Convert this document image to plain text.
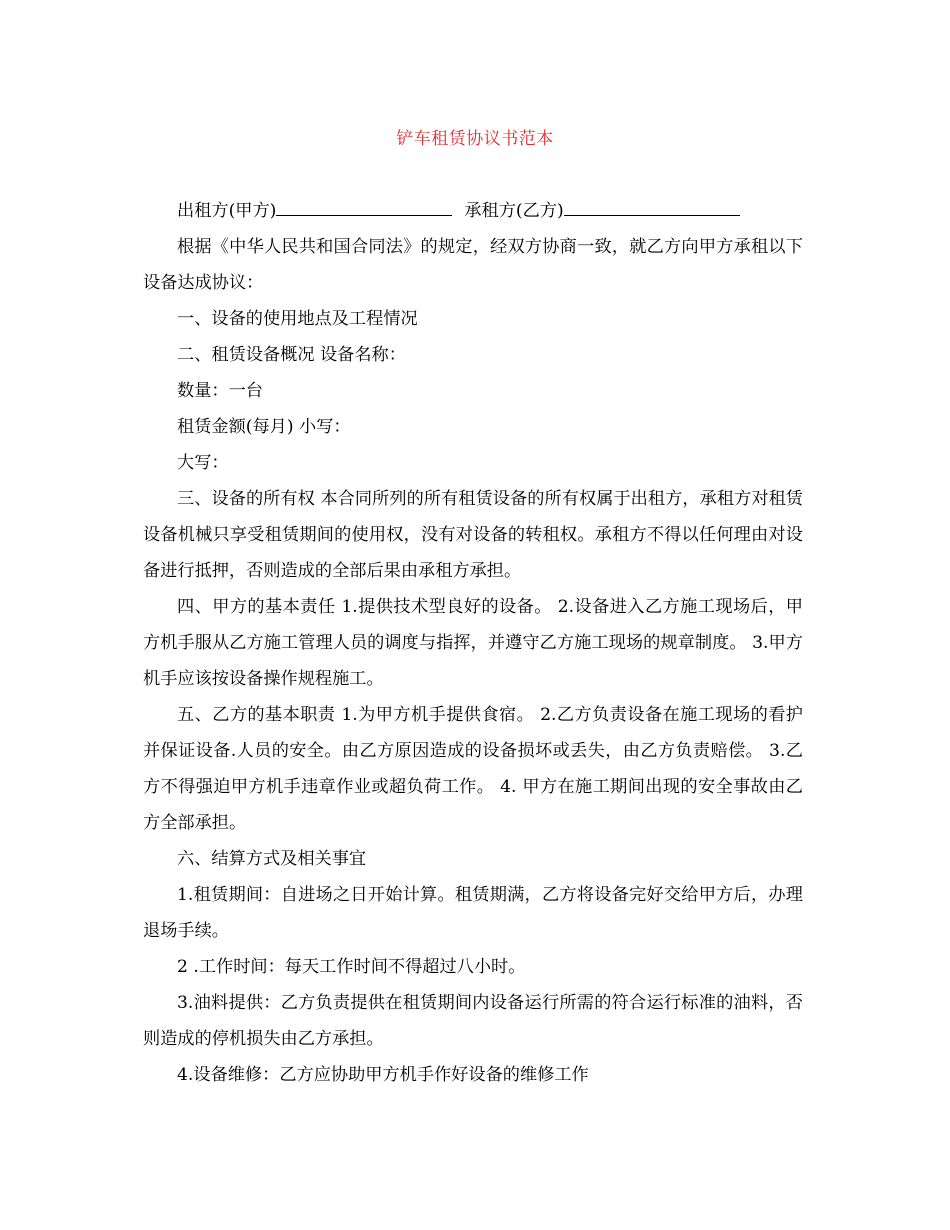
铲车租赁协议书范本

出租方(甲方)	承租方(乙方)

根据《中华人民共和国合同法》的规定，经双方协商一致，就乙方向甲方承租以下设备达成协议：

一、设备的使用地点及工程情况

二、租赁设备概况 设备名称：

数量：一台

租赁金额(每月) 小写：

大写：

三、设备的所有权 本合同所列的所有租赁设备的所有权属于出租方，承租方对租赁设备机械只享受租赁期间的使用权，没有对设备的转租权。承租方不得以任何理由对设备进行抵押，否则造成的全部后果由承租方承担。

四、甲方的基本责任 1.提供技术型良好的设备。 2.设备进入乙方施工现场后，甲方机手服从乙方施工管理人员的调度与指挥，并遵守乙方施工现场的规章制度。 3.甲方机手应该按设备操作规程施工。

五、乙方的基本职责 1.为甲方机手提供食宿。 2.乙方负责设备在施工现场的看护并保证设备.人员的安全。由乙方原因造成的设备损坏或丢失，由乙方负责赔偿。 3.乙方不得强迫甲方机手违章作业或超负荷工作。 4. 甲方在施工期间出现的安全事故由乙方全部承担。

六、结算方式及相关事宜

1.租赁期间：自进场之日开始计算。租赁期满，乙方将设备完好交给甲方后，办理退场手续。

2 .工作时间：每天工作时间不得超过八小时。

3.油料提供：乙方负责提供在租赁期间内设备运行所需的符合运行标准的油料，否则造成的停机损失由乙方承担。

4.设备维修：乙方应协助甲方机手作好设备的维修工作
